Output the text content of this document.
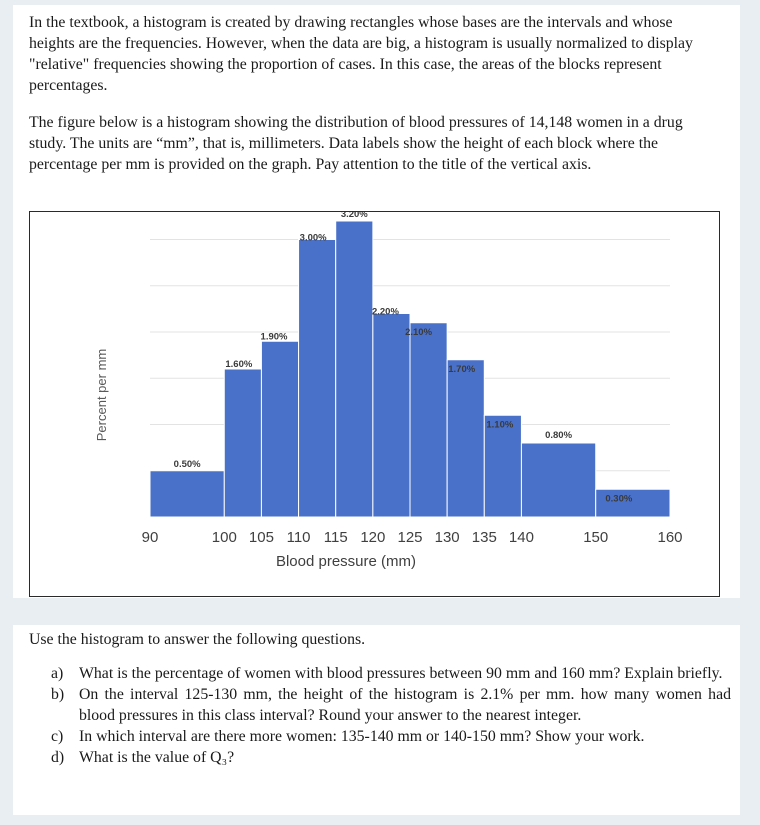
In the textbook, a histogram is created by drawing rectangles whose bases are the intervals and whose heights are the frequencies. However, when the data are big, a histogram is usually normalized to display "relative" frequencies showing the proportion of cases. In this case, the areas of the blocks represent percentages.

The figure below is a histogram showing the distribution of blood pressures of 14,148 women in a drug study. The units are “mm”, that is, millimeters. Data labels show the height of each block where the percentage per mm is provided on the graph. Pay attention to the title of the vertical axis.

0.50%
1.60%
1.90%
3.00%
3.20%
2.20%
2.10%
1.70%
1.10%
0.80%
0.30%
90	100 105 110 115 120 125 130 135 140	150	160
Percent per mm
Blood pressure (mm)

Use the histogram to answer the following questions.

a) What is the percentage of women with blood pressures between 90 mm and 160 mm? Explain briefly.
b) On the interval 125-130 mm, the height of the histogram is 2.1% per mm. how many women had blood pressures in this class interval? Round your answer to the nearest integer.
c) In which interval are there more women: 135-140 mm or 140-150 mm? Show your work.
d) What is the value of Q₃?
